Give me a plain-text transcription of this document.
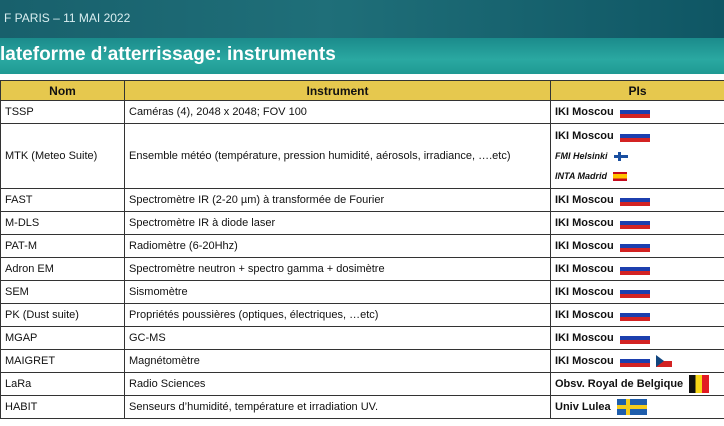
F PARIS – 11 MAI 2022
lateforme d’atterrissage: instruments
Nom	Instrument	PIs
TSSP	Caméras (4), 2048 x 2048; FOV 100	IKI Moscou

MTK (Meteo Suite)	Ensemble météo (température, pression humidité, aérosols, irradiance, ….etc)	IKI Moscou
FMI Helsinki
INTA Madrid

FAST	Spectromètre IR (2-20 µm) à transformée de Fourier	IKI Moscou

M-DLS	Spectromètre IR à diode laser	IKI Moscou

PAT-M	Radiomètre (6-20Hhz)	IKI Moscou

Adron EM	Spectromètre neutron + spectro gamma + dosimètre	IKI Moscou

SEM	Sismomètre	IKI Moscou

PK (Dust suite)	Propriétés poussières (optiques, électriques, …etc)	IKI Moscou

MGAP	GC-MS	IKI Moscou

MAIGRET	Magnétomètre	IKI Moscou

LaRa	Radio Sciences	Obsv. Royal de Belgique

HABIT	Senseurs d’humidité, température et irradiation UV.	Univ Lulea
